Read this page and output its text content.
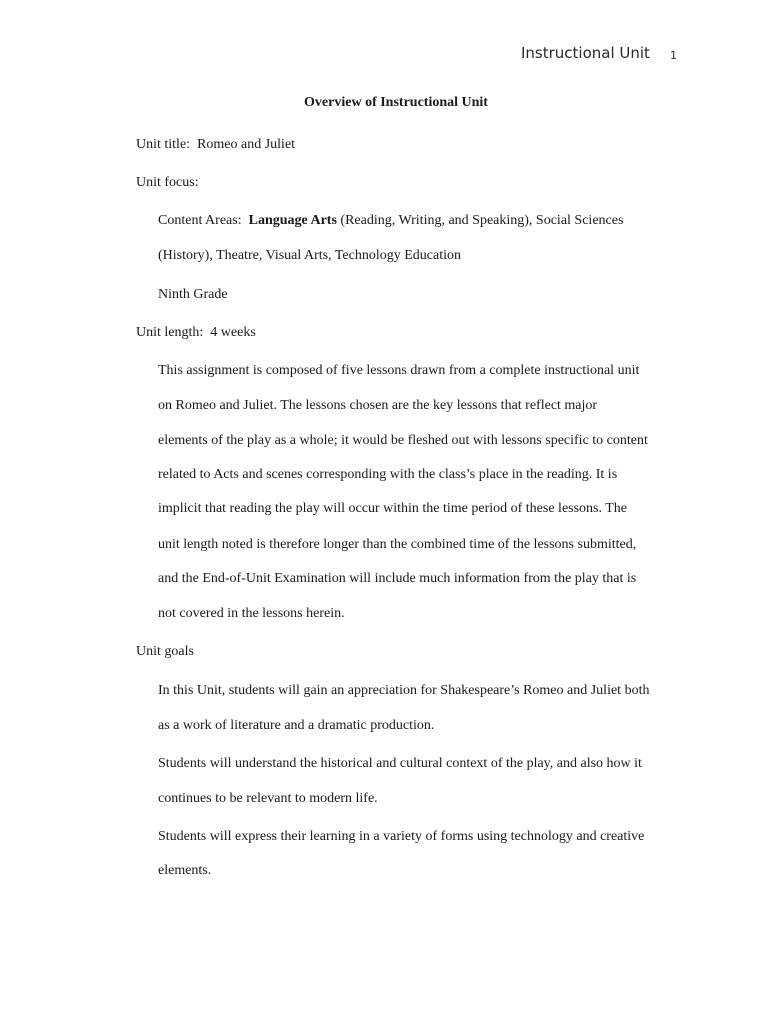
Instructional Unit 1
Overview of Instructional Unit
Unit title: Romeo and Juliet
Unit focus:
Content Areas: Language Arts (Reading, Writing, and Speaking), Social Sciences
(History), Theatre, Visual Arts, Technology Education
Ninth Grade
Unit length: 4 weeks
This assignment is composed of five lessons drawn from a complete instructional unit
on Romeo and Juliet. The lessons chosen are the key lessons that reflect major
elements of the play as a whole; it would be fleshed out with lessons specific to content
related to Acts and scenes corresponding with the class’s place in the reading. It is
implicit that reading the play will occur within the time period of these lessons. The
unit length noted is therefore longer than the combined time of the lessons submitted,
and the End-of-Unit Examination will include much information from the play that is
not covered in the lessons herein.
Unit goals
In this Unit, students will gain an appreciation for Shakespeare’s Romeo and Juliet both
as a work of literature and a dramatic production.
Students will understand the historical and cultural context of the play, and also how it
continues to be relevant to modern life.
Students will express their learning in a variety of forms using technology and creative
elements.
